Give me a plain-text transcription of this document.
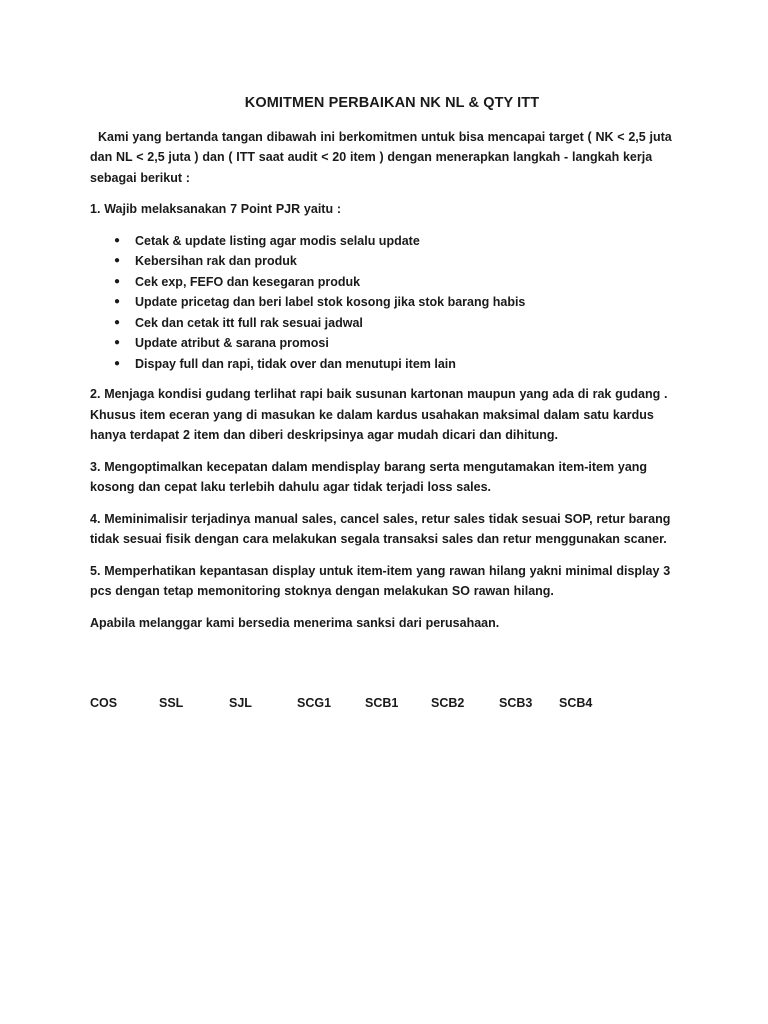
KOMITMEN PERBAIKAN NK NL & QTY ITT

Kami yang bertanda tangan dibawah ini berkomitmen untuk bisa mencapai target ( NK < 2,5 juta dan NL < 2,5 juta ) dan ( ITT saat audit < 20 item ) dengan menerapkan langkah - langkah kerja sebagai berikut :

1. Wajib melaksanakan 7 Point PJR yaitu :

● Cetak & update listing agar modis selalu update
● Kebersihan rak dan produk
● Cek exp, FEFO dan kesegaran produk
● Update pricetag dan beri label stok kosong jika stok barang habis
● Cek dan cetak itt full rak sesuai jadwal
● Update atribut & sarana promosi
● Dispay full dan rapi, tidak over dan menutupi item lain

2. Menjaga kondisi gudang terlihat rapi baik susunan kartonan maupun yang ada di rak gudang . Khusus item eceran yang di masukan ke dalam kardus usahakan maksimal dalam satu kardus hanya terdapat 2 item dan diberi deskripsinya agar mudah dicari dan dihitung.

3. Mengoptimalkan kecepatan dalam mendisplay barang serta mengutamakan item-item yang kosong dan cepat laku terlebih dahulu agar tidak terjadi loss sales.

4. Meminimalisir terjadinya manual sales, cancel sales, retur sales tidak sesuai SOP, retur barang tidak sesuai fisik dengan cara melakukan segala transaksi sales dan retur menggunakan scaner.

5. Memperhatikan kepantasan display untuk item-item yang rawan hilang yakni minimal display 3 pcs dengan tetap memonitoring stoknya dengan melakukan SO rawan hilang.

Apabila melanggar kami bersedia menerima sanksi dari perusahaan.

COS	SSL	SJL	SCG1	SCB1	SCB2	SCB3 SCB4
